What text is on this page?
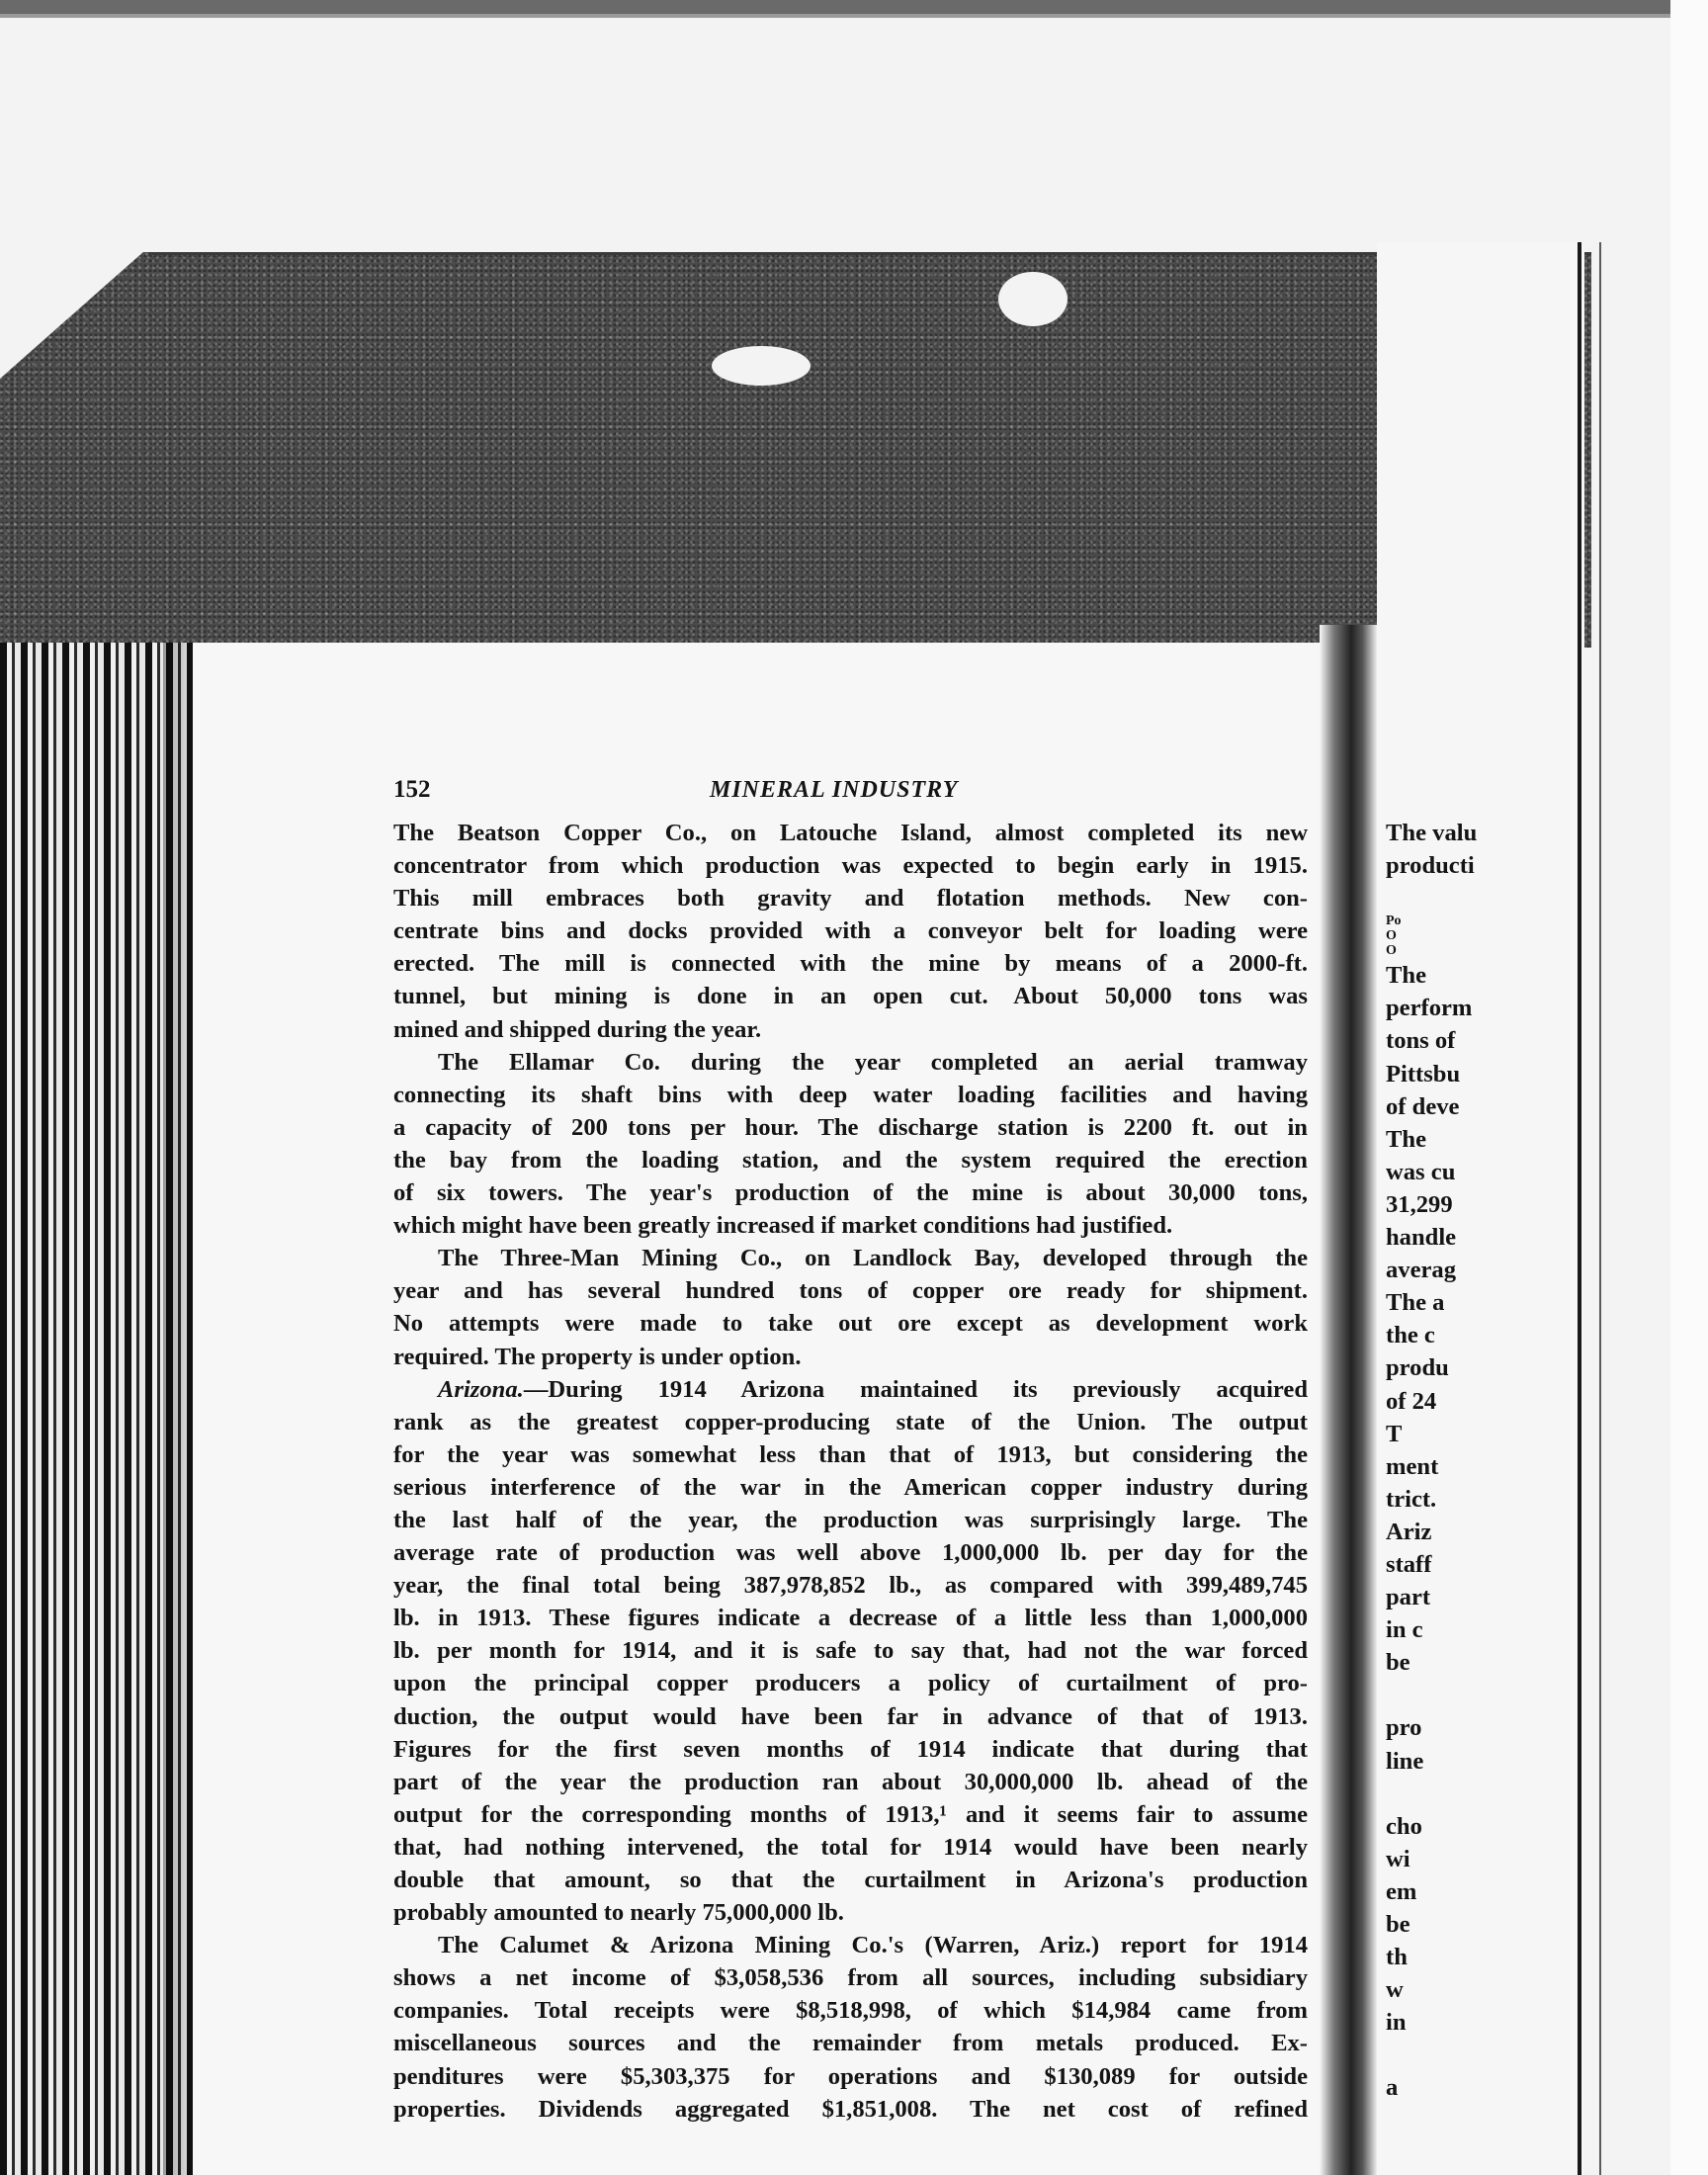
152	MINERAL INDUSTRY
The Beatson Copper Co., on Latouche Island, almost completed its new
concentrator from which production was expected to begin early in 1915.
This mill embraces both gravity and flotation methods. New con-
centrate bins and docks provided with a conveyor belt for loading were
erected. The mill is connected with the mine by means of a 2000-ft.
tunnel, but mining is done in an open cut. About 50,000 tons was
mined and shipped during the year.
The Ellamar Co. during the year completed an aerial tramway
connecting its shaft bins with deep water loading facilities and having
a capacity of 200 tons per hour. The discharge station is 2200 ft. out in
the bay from the loading station, and the system required the erection
of six towers. The year's production of the mine is about 30,000 tons,
which might have been greatly increased if market conditions had justified.
The Three-Man Mining Co., on Landlock Bay, developed through the
year and has several hundred tons of copper ore ready for shipment.
No attempts were made to take out ore except as development work
required. The property is under option.
Arizona.—During 1914 Arizona maintained its previously acquired
rank as the greatest copper-producing state of the Union. The output
for the year was somewhat less than that of 1913, but considering the
serious interference of the war in the American copper industry during
the last half of the year, the production was surprisingly large. The
average rate of production was well above 1,000,000 lb. per day for the
year, the final total being 387,978,852 lb., as compared with 399,489,745
lb. in 1913. These figures indicate a decrease of a little less than 1,000,000
lb. per month for 1914, and it is safe to say that, had not the war forced
upon the principal copper producers a policy of curtailment of pro-
duction, the output would have been far in advance of that of 1913.
Figures for the first seven months of 1914 indicate that during that
part of the year the production ran about 30,000,000 lb. ahead of the
output for the corresponding months of 1913,¹ and it seems fair to assume
that, had nothing intervened, the total for 1914 would have been nearly
double that amount, so that the curtailment in Arizona's production
probably amounted to nearly 75,000,000 lb.
The Calumet & Arizona Mining Co.'s (Warren, Ariz.) report for 1914
shows a net income of $3,058,536 from all sources, including subsidiary
companies. Total receipts were $8,518,998, of which $14,984 came from
miscellaneous sources and the remainder from metals produced. Ex-
penditures were $5,303,375 for operations and $130,089 for outside
properties. Dividends aggregated $1,851,008. The net cost of refined
The valu
producti
Po
O
O
The
perform
tons of
Pittsbu
of deve
The
was cu
31,299
handle
averag
The a
the c
produ
of 24
T
ment
trict.
Ariz
staff
part
in c
be
pro
line
cho
wi
em
be
th
w
in
a
